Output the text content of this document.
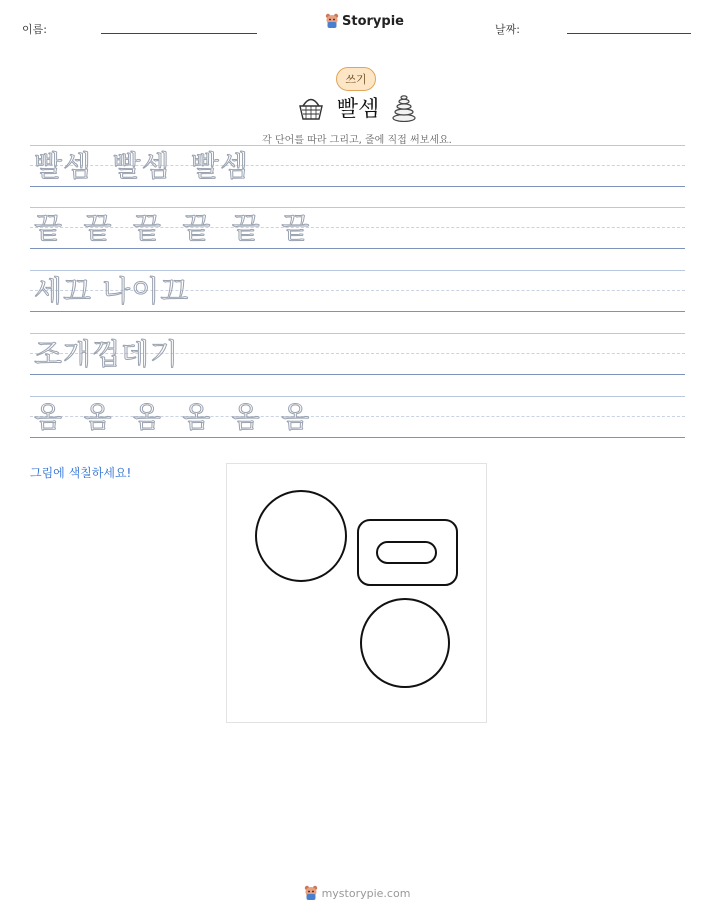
이름:
Storypie
날짜:
쓰기
빨셈
각 단어를 따라 그리고, 줄에 직접 써보세요.
빨셈  빨셈  빨셈
끝  끝  끝  끝  끝  끝
세끄 나이끄
조개껍데기
옴  옴  옴  옴  옴  옴
그림에 색칠하세요!
mystorypie.com
